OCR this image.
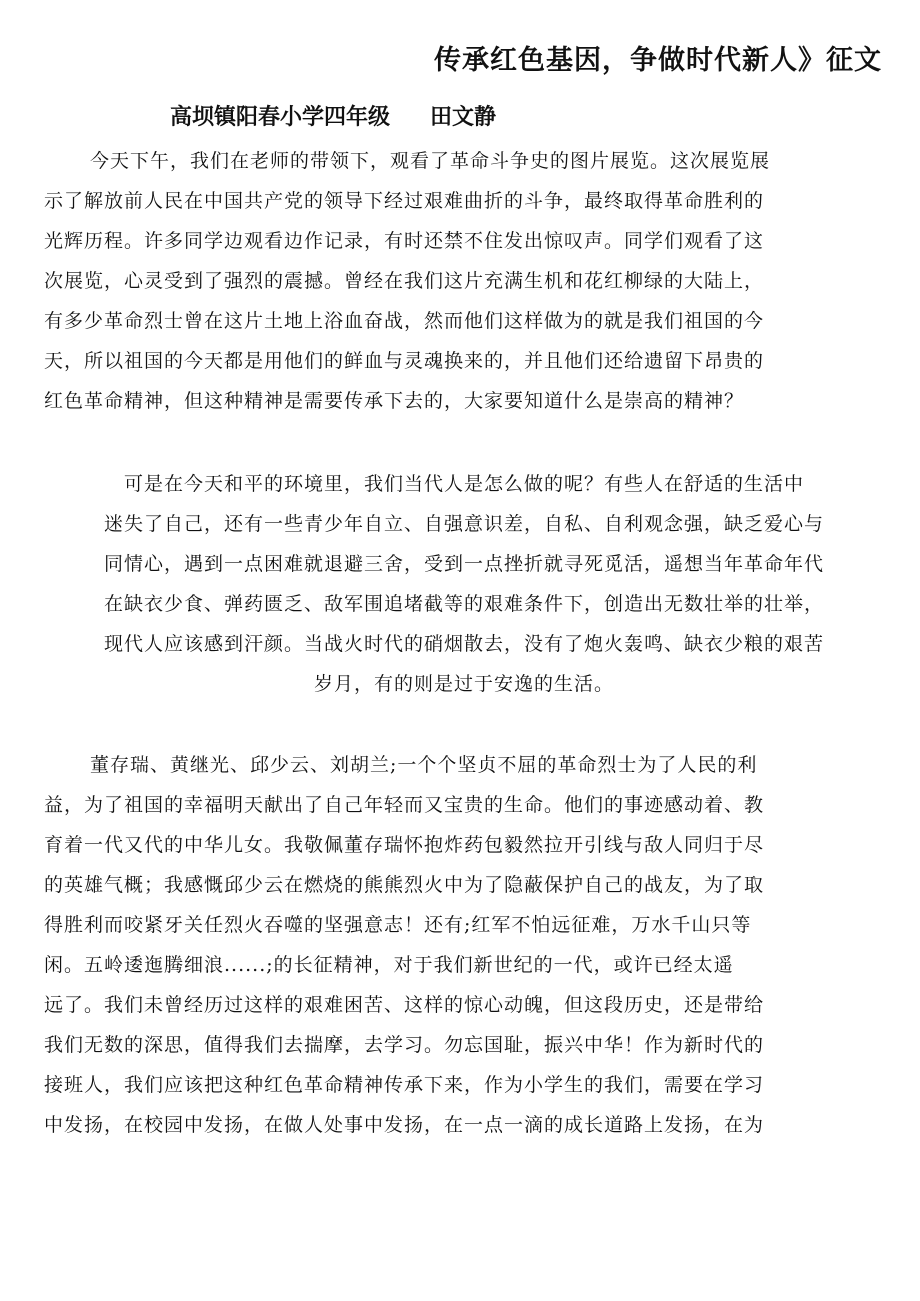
传承红色基因，争做时代新人》征文
高坝镇阳春小学四年级 田文静
今天下午，我们在老师的带领下，观看了革命斗争史的图片展览。这次展览展
示了解放前人民在中国共产党的领导下经过艰难曲折的斗争，最终取得革命胜利的
光辉历程。许多同学边观看边作记录，有时还禁不住发出惊叹声。同学们观看了这
次展览，心灵受到了强烈的震撼。曾经在我们这片充满生机和花红柳绿的大陆上，
有多少革命烈士曾在这片土地上浴血奋战，然而他们这样做为的就是我们祖国的今
天，所以祖国的今天都是用他们的鲜血与灵魂换来的，并且他们还给遗留下昂贵的
红色革命精神，但这种精神是需要传承下去的，大家要知道什么是崇高的精神？
可是在今天和平的环境里，我们当代人是怎么做的呢？有些人在舒适的生活中
迷失了自己，还有一些青少年自立、自强意识差，自私、自利观念强，缺乏爱心与
同情心，遇到一点困难就退避三舍，受到一点挫折就寻死觅活，遥想当年革命年代
在缺衣少食、弹药匮乏、敌军围追堵截等的艰难条件下，创造出无数壮举的壮举，
现代人应该感到汗颜。当战火时代的硝烟散去，没有了炮火轰鸣、缺衣少粮的艰苦
岁月，有的则是过于安逸的生活。
董存瑞、黄继光、邱少云、刘胡兰;一个个坚贞不屈的革命烈士为了人民的利
益，为了祖国的幸福明天献出了自己年轻而又宝贵的生命。他们的事迹感动着、教
育着一代又代的中华儿女。我敬佩董存瑞怀抱炸药包毅然拉开引线与敌人同归于尽
的英雄气概；我感慨邱少云在燃烧的熊熊烈火中为了隐蔽保护自己的战友，为了取
得胜利而咬紧牙关任烈火吞噬的坚强意志！还有;红军不怕远征难，万水千山只等
闲。五岭逶迤腾细浪......;的长征精神，对于我们新世纪的一代，或许已经太遥
远了。我们未曾经历过这样的艰难困苦、这样的惊心动魄，但这段历史，还是带给
我们无数的深思，值得我们去揣摩，去学习。勿忘国耻，振兴中华！作为新时代的
接班人，我们应该把这种红色革命精神传承下来，作为小学生的我们，需要在学习
中发扬，在校园中发扬，在做人处事中发扬，在一点一滴的成长道路上发扬，在为
